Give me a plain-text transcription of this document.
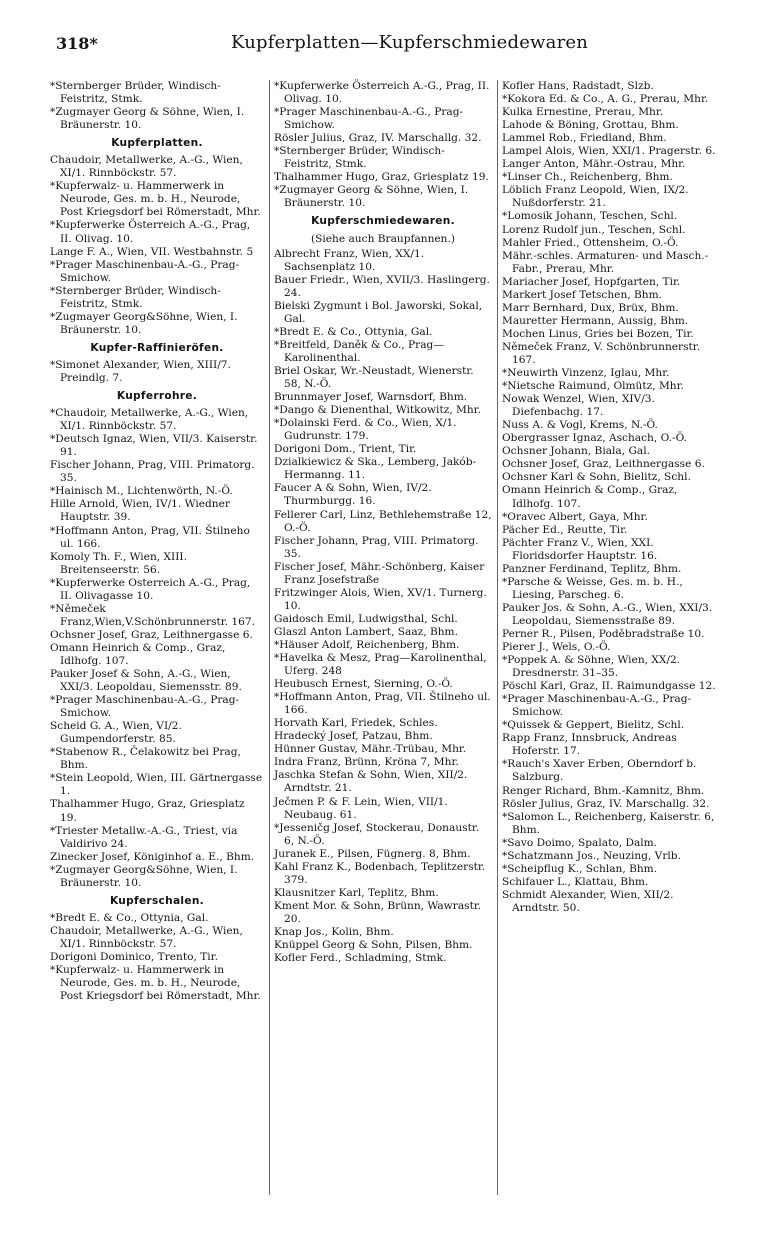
318*	Kupferplatten—Kupferschmiedewaren

*Sternberger Brüder, Windisch-Feistritz, Stmk.

*Zugmayer Georg & Söhne, Wien, I. Bräunerstr. 10.

Kupferplatten.

Chaudoir, Metallwerke, A.-G., Wien, XI/1. Rinnböckstr. 57.

*Kupferwalz- u. Hammerwerk in Neurode, Ges. m. b. H., Neurode, Post Kriegsdorf bei Römerstadt, Mhr.

*Kupferwerke Österreich A.-G., Prag, II. Olivag. 10.

Lange F. A., Wien, VII. Westbahnstr. 5

*Prager Maschinenbau-A.-G., Prag-Smichow.

*Sternberger Brüder, Windisch-Feistritz, Stmk.

*Zugmayer Georg&Söhne, Wien, I. Bräunerstr. 10.

Kupfer-Raffinieröfen.

*Simonet Alexander, Wien, XIII/7. Preindlg. 7.

Kupferrohre.

*Chaudoir, Metallwerke, A.-G., Wien, XI/1. Rinnböckstr. 57.

*Deutsch Ignaz, Wien, VII/3. Kaiserstr. 91.

Fischer Johann, Prag, VIII. Primatorg. 35.

*Hainisch M., Lichtenwörth, N.-Ö.

Hille Arnold, Wien, IV/1. Wiedner Hauptstr. 39.

*Hoffmann Anton, Prag, VII. Štilneho ul. 166.

Komoly Th. F., Wien, XIII. Breitenseerstr. 56.

*Kupferwerke Osterreich A.-G., Prag, II. Olivagasse 10.

*Němeček Franz,Wien,V.Schönbrunnerstr. 167.

Ochsner Josef, Graz, Leithnergasse 6.

Omann Heinrich & Comp., Graz, Idlhofg. 107.

Pauker Josef & Sohn, A.-G., Wien, XXI/3. Leopoldau, Siemensstr. 89.

*Prager Maschinenbau-A.-G., Prag-Smichow.

Scheid G. A., Wien, VI/2. Gumpendorferstr. 85.

*Stabenow R., Čelakowitz bei Prag, Bhm.

*Stein Leopold, Wien, III. Gärtnergasse 1.

Thalhammer Hugo, Graz, Griesplatz 19.

*Triester Metallw.-A.-G., Triest, via Valdirivo 24.

Zinecker Josef, Königinhof a. E., Bhm.

*Zugmayer Georg&Söhne, Wien, I. Bräunerstr. 10.

Kupferschalen.

*Bredt E. & Co., Ottynia, Gal.

Chaudoir, Metallwerke, A.-G., Wien, XI/1. Rinnböckstr. 57.

Dorigoni Dominico, Trento, Tir.

*Kupferwalz- u. Hammerwerk in Neurode, Ges. m. b. H., Neurode, Post Kriegsdorf bei Römerstadt, Mhr.

*Kupferwerke Österreich A.-G., Prag, II. Olivag. 10.

*Prager Maschinenbau-A.-G., Prag-Smichow.

Rösler Julius, Graz, IV. Marschallg. 32.

*Sternberger Brüder, Windisch-Feistritz, Stmk.

Thalhammer Hugo, Graz, Griesplatz 19.

*Zugmayer Georg & Söhne, Wien, I. Bräunerstr. 10.

Kupferschmiedewaren.

(Siehe auch Braupfannen.)

Albrecht Franz, Wien, XX/1. Sachsenplatz 10.

Bauer Friedr., Wien, XVII/3. Haslingerg. 24.

Bielski Zygmunt i Bol. Jaworski, Sokal, Gal.

*Bredt E. & Co., Ottynia, Gal.

*Breitfeld, Daněk & Co., Prag—Karolinenthal.

Briel Oskar, Wr.-Neustadt, Wienerstr. 58, N.-Ö.

Brunnmayer Josef, Warnsdorf, Bhm.

*Dango & Dienenthal, Witkowitz, Mhr.

*Dolainski Ferd. & Co., Wien, X/1. Gudrunstr. 179.

Dorigoni Dom., Trient, Tir.

Dzialkiewicz & Ska., Lemberg, Jakób-Hermanng. 11.

Faucer A & Sohn, Wien, IV/2. Thurmburgg. 16.

Fellerer Carl, Linz, Bethlehemstraße 12, O.-Ö.

Fischer Johann, Prag, VIII. Primatorg. 35.

Fischer Josef, Mähr.-Schönberg, Kaiser Franz Josefstraße

Fritzwinger Alois, Wien, XV/1. Turnerg. 10.

Gaidosch Emil, Ludwigsthal, Schl.

Glaszl Anton Lambert, Saaz, Bhm.

*Häuser Adolf, Reichenberg, Bhm.

*Havelka & Mesz, Prag—Karolinenthal, Uferg. 248

Heubusch Ernest, Sierning, O.-Ö.

*Hoffmann Anton, Prag, VII. Štilneho ul. 166.

Horvath Karl, Friedek, Schles.

Hradecký Josef, Patzau, Bhm.

Hünner Gustav, Mähr.-Trübau, Mhr.

Indra Franz, Brünn, Kröna 7, Mhr.

Jaschka Stefan & Sohn, Wien, XII/2. Arndtstr. 21.

Ječmen P. & F. Lein, Wien, VII/1. Neubaug. 61.

*Jesseničg Josef, Stockerau, Donaustr. 6, N.-Ö.

Juranek E., Pilsen, Fügnerg. 8, Bhm.

Kahl Franz K., Bodenbach, Teplitzerstr. 379.

Klausnitzer Karl, Teplitz, Bhm.

Kment Mor. & Sohn, Brünn, Wawrastr. 20.

Knap Jos., Kolin, Bhm.

Knüppel Georg & Sohn, Pilsen, Bhm.

Kofler Ferd., Schladming, Stmk.

Kofler Hans, Radstadt, Slzb.

*Kokora Ed. & Co., A. G., Prerau, Mhr.

Kulka Ernestine, Prerau, Mhr.

Lahode & Böning, Grottau, Bhm.

Lammel Rob., Friedland, Bhm.

Lampel Alois, Wien, XXI/1. Pragerstr. 6.

Langer Anton, Mähr.-Ostrau, Mhr.

*Linser Ch., Reichenberg, Bhm.

Löblich Franz Leopold, Wien, IX/2. Nußdorferstr. 21.

*Lomosik Johann, Teschen, Schl.

Lorenz Rudolf jun., Teschen, Schl.

Mahler Fried., Ottensheim, O.-Ö.

Mähr.-schles. Armaturen- und Masch.-Fabr., Prerau, Mhr.

Mariacher Josef, Hopfgarten, Tir.

Markert Josef Tetschen, Bhm.

Marr Bernhard, Dux, Brüx, Bhm.

Mauretter Hermann, Aussig, Bhm.

Mochen Linus, Gries bei Bozen, Tir.

Němeček Franz, V. Schönbrunnerstr. 167.

*Neuwirth Vinzenz, Iglau, Mhr.

*Nietsche Raimund, Olmütz, Mhr.

Nowak Wenzel, Wien, XIV/3. Diefenbachg. 17.

Nuss A. & Vogl, Krems, N.-Ö.

Obergrasser Ignaz, Aschach, O.-Ö.

Ochsner Johann, Biala, Gal.

Ochsner Josef, Graz, Leithnergasse 6.

Ochsner Karl & Sohn, Bielitz, Schl.

Omann Heinrich & Comp., Graz, Idlhofg. 107.

*Oravec Albert, Gaya, Mhr.

Pächer Ed., Reutte, Tir.

Pächter Franz V., Wien, XXI. Floridsdorfer Hauptstr. 16.

Panzner Ferdinand, Teplitz, Bhm.

*Parsche & Weisse, Ges. m. b. H., Liesing, Parscheg. 6.

Pauker Jos. & Sohn, A.-G., Wien, XXI/3. Leopoldau, Siemensstraße 89.

Perner R., Pilsen, Poděbradstraße 10.

Pierer J., Wels, O.-Ö.

*Poppek A. & Söhne, Wien, XX/2. Dresdnerstr. 31–35.

Pöschl Karl, Graz, II. Raimundgasse 12.

*Prager Maschinenbau-A.-G., Prag-Smichow.

*Quissek & Geppert, Bielitz, Schl.

Rapp Franz, Innsbruck, Andreas Hoferstr. 17.

*Rauch's Xaver Erben, Oberndorf b. Salzburg.

Renger Richard, Bhm.-Kamnitz, Bhm.

Rösler Julius, Graz, IV. Marschallg. 32.

*Salomon L., Reichenberg, Kaiserstr. 6, Bhm.

*Savo Doimo, Spalato, Dalm.

*Schatzmann Jos., Neuzing, Vrlb.

*Scheipflug K., Schlan, Bhm.

Schifauer L., Klattau, Bhm.

Schmidt Alexander, Wien, XII/2. Arndtstr. 50.
